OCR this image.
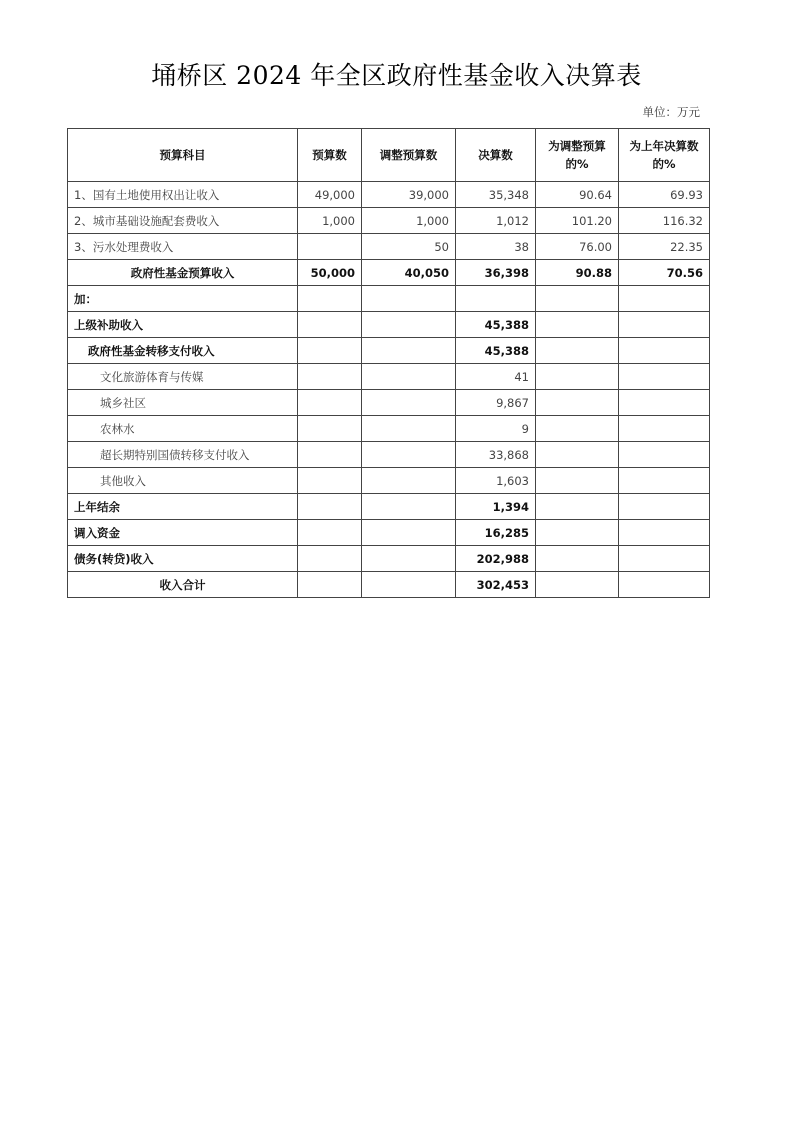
埇桥区 2024 年全区政府性基金收入决算表
单位：万元
预算科目	预算数	调整预算数	决算数	为调整预算的%	为上年决算数的%
1、国有土地使用权出让收入	49,000	39,000	35,348	90.64	69.93
2、城市基础设施配套费收入	1,000	1,000	1,012	101.20	116.32
3、污水处理费收入		50	38	76.00	22.35
政府性基金预算收入	50,000	40,050	36,398	90.88	70.56
加：					
上级补助收入			45,388		
政府性基金转移支付收入			45,388		
文化旅游体育与传媒			41		
城乡社区			9,867		
农林水			9		
超长期特别国债转移支付收入			33,868		
其他收入			1,603		
上年结余			1,394		
调入资金			16,285		
债务(转贷)收入			202,988		
收入合计			302,453		
